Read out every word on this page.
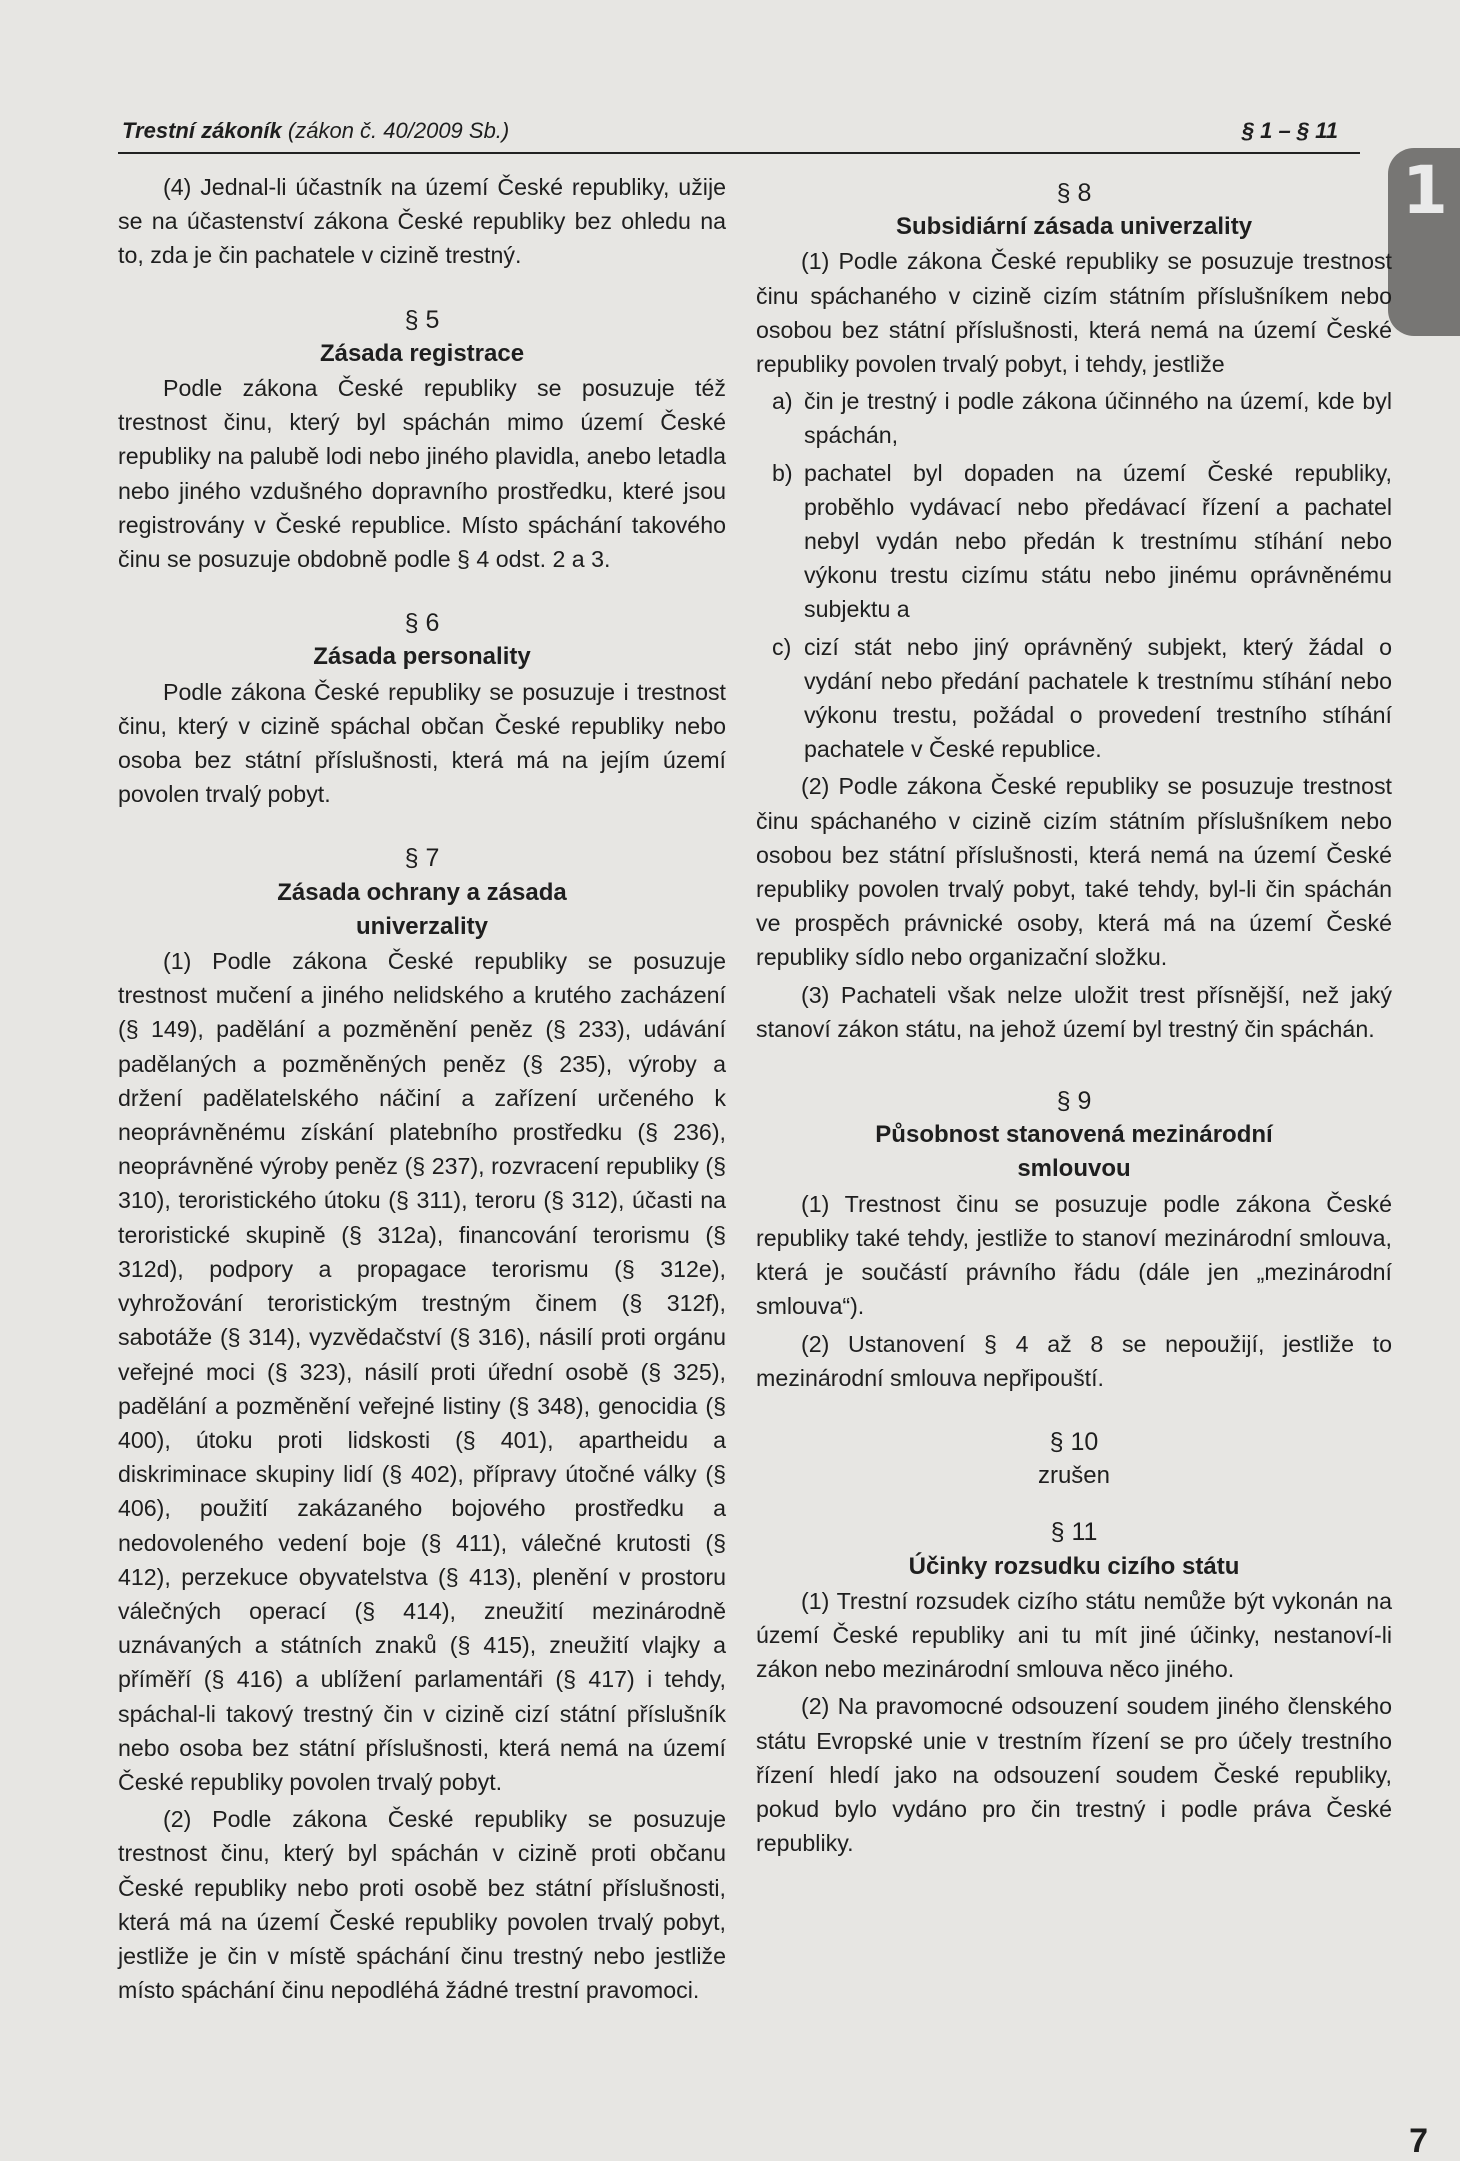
Trestní zákoník (zákon č. 40/2009 Sb.)	§ 1 – § 11
1

(4) Jednal-li účastník na území České republiky, užije se na účastenství zákona České republiky bez ohledu na to, zda je čin pachatele v cizině trestný.

§ 5
Zásada registrace

Podle zákona České republiky se posuzuje též trestnost činu, který byl spáchán mimo území České republiky na palubě lodi nebo jiného plavidla, anebo letadla nebo jiného vzdušného dopravního prostředku, které jsou registrovány v České republice. Místo spáchání takového činu se posuzuje obdobně podle § 4 odst. 2 a 3.

§ 6
Zásada personality

Podle zákona České republiky se posuzuje i trestnost činu, který v cizině spáchal občan České republiky nebo osoba bez státní příslušnosti, která má na jejím území povolen trvalý pobyt.

§ 7
Zásada ochrany a zásada univerzality

(1) Podle zákona České republiky se posuzuje trestnost mučení a jiného nelidského a krutého zacházení (§ 149), padělání a pozměnění peněz (§ 233), udávání padělaných a pozměněných peněz (§ 235), výroby a držení padělatelského náčiní a zařízení určeného k neoprávněnému získání platebního prostředku (§ 236), neoprávněné výroby peněz (§ 237), rozvracení republiky (§ 310), teroristického útoku (§ 311), teroru (§ 312), účasti na teroristické skupině (§ 312a), financování terorismu (§ 312d), podpory a propagace terorismu (§ 312e), vyhrožování teroristickým trestným činem (§ 312f), sabotáže (§ 314), vyzvědačství (§ 316), násilí proti orgánu veřejné moci (§ 323), násilí proti úřední osobě (§ 325), padělání a pozměnění veřejné listiny (§ 348), genocidia (§ 400), útoku proti lidskosti (§ 401), apartheidu a diskriminace skupiny lidí (§ 402), přípravy útočné války (§ 406), použití zakázaného bojového prostředku a nedovoleného vedení boje (§ 411), válečné krutosti (§ 412), perzekuce obyvatelstva (§ 413), plenění v prostoru válečných operací (§ 414), zneužití mezinárodně uznávaných a státních znaků (§ 415), zneužití vlajky a příměří (§ 416) a ublížení parlamentáři (§ 417) i tehdy, spáchal-li takový trestný čin v cizině cizí státní příslušník nebo osoba bez státní příslušnosti, která nemá na území České republiky povolen trvalý pobyt.

(2) Podle zákona České republiky se posuzuje trestnost činu, který byl spáchán v cizině proti občanu České republiky nebo proti osobě bez státní příslušnosti, která má na území České republiky povolen trvalý pobyt, jestliže je čin v místě spáchání činu trestný nebo jestliže místo spáchání činu nepodléhá žádné trestní pravomoci.

§ 8
Subsidiární zásada univerzality

(1) Podle zákona České republiky se posuzuje trestnost činu spáchaného v cizině cizím státním příslušníkem nebo osobou bez státní příslušnosti, která nemá na území České republiky povolen trvalý pobyt, i tehdy, jestliže

a) čin je trestný i podle zákona účinného na území, kde byl spáchán,
b) pachatel byl dopaden na území České republiky, proběhlo vydávací nebo předávací řízení a pachatel nebyl vydán nebo předán k trestnímu stíhání nebo výkonu trestu cizímu státu nebo jinému oprávněnému subjektu a
c) cizí stát nebo jiný oprávněný subjekt, který žádal o vydání nebo předání pachatele k trestnímu stíhání nebo výkonu trestu, požádal o provedení trestního stíhání pachatele v České republice.

(2) Podle zákona České republiky se posuzuje trestnost činu spáchaného v cizině cizím státním příslušníkem nebo osobou bez státní příslušnosti, která nemá na území České republiky povolen trvalý pobyt, také tehdy, byl-li čin spáchán ve prospěch právnické osoby, která má na území České republiky sídlo nebo organizační složku.

(3) Pachateli však nelze uložit trest přísnější, než jaký stanoví zákon státu, na jehož území byl trestný čin spáchán.

§ 9
Působnost stanovená mezinárodní smlouvou

(1) Trestnost činu se posuzuje podle zákona České republiky také tehdy, jestliže to stanoví mezinárodní smlouva, která je součástí právního řádu (dále jen „mezinárodní smlouva“).

(2) Ustanovení § 4 až 8 se nepoužijí, jestliže to mezinárodní smlouva nepřipouští.

§ 10
zrušen
§ 11
Účinky rozsudku cizího státu

(1) Trestní rozsudek cizího státu nemůže být vykonán na území České republiky ani tu mít jiné účinky, nestanoví-li zákon nebo mezinárodní smlouva něco jiného.

(2) Na pravomocné odsouzení soudem jiného členského státu Evropské unie v trestním řízení se pro účely trestního řízení hledí jako na odsouzení soudem České republiky, pokud bylo vydáno pro čin trestný i podle práva České republiky.

7
